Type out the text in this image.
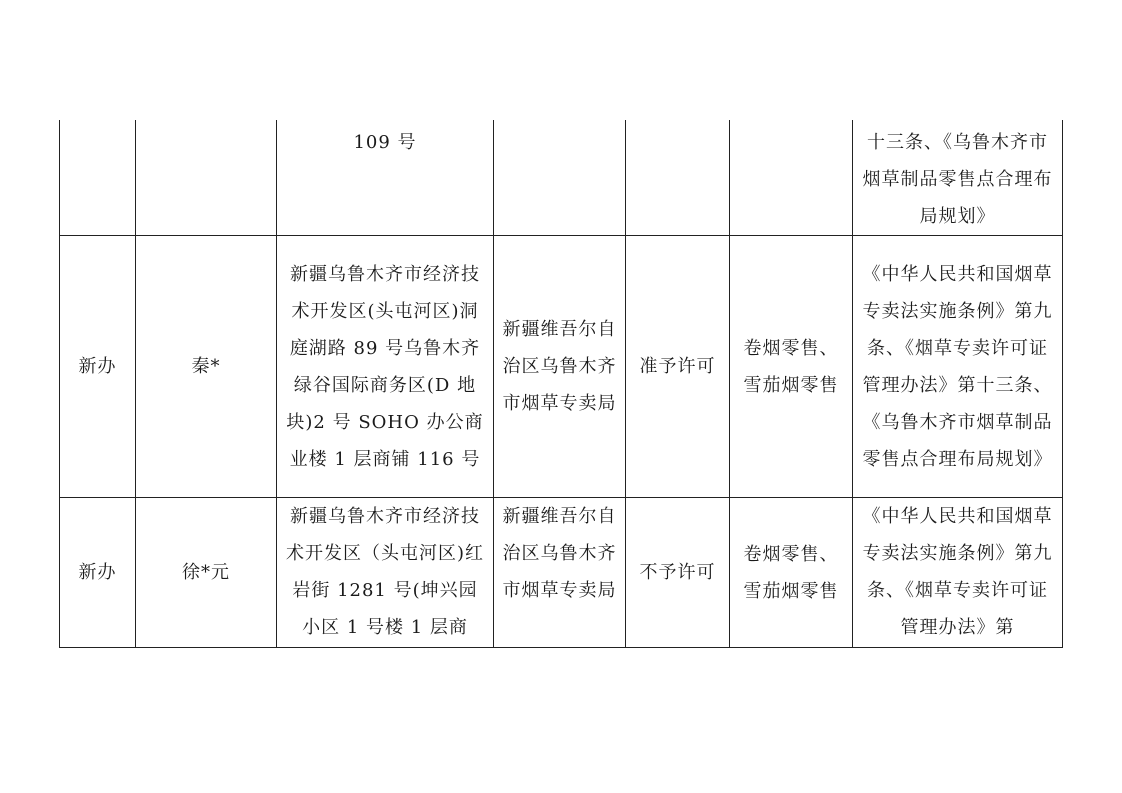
		109 号				十三条、《乌鲁木齐市烟草制品零售点合理布局规划》

新办	秦*	新疆乌鲁木齐市经济技术开发区(头屯河区)洞庭湖路 89 号乌鲁木齐绿谷国际商务区(D 地块)2 号 SOHO 办公商业楼 1 层商铺 116 号	新疆维吾尔自治区乌鲁木齐市烟草专卖局	准予许可	卷烟零售、雪茄烟零售	《中华人民共和国烟草专卖法实施条例》第九条、《烟草专卖许可证管理办法》第十三条、《乌鲁木齐市烟草制品零售点合理布局规划》

新办	徐*元	新疆乌鲁木齐市经济技术开发区（头屯河区)红岩街 1281 号(坤兴园小区 1 号楼 1 层商	新疆维吾尔自治区乌鲁木齐市烟草专卖局	不予许可	卷烟零售、雪茄烟零售	《中华人民共和国烟草专卖法实施条例》第九条、《烟草专卖许可证管理办法》第
